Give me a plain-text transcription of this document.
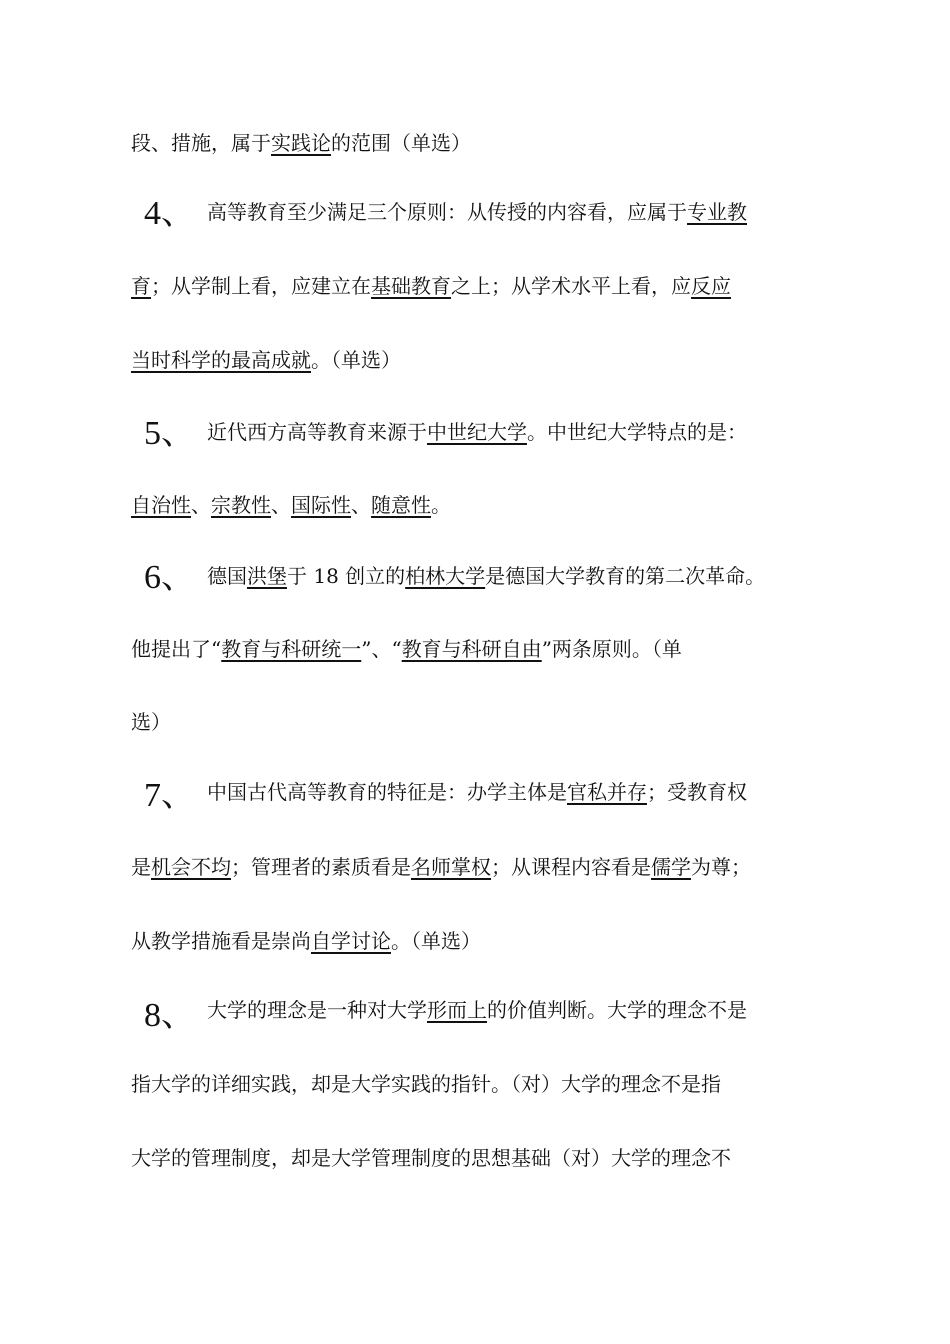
段、措施，属于实践论的范围（单选）
4、 高等教育至少满足三个原则：从传授的内容看，应属于专业教
育；从学制上看，应建立在基础教育之上；从学术水平上看，应反应
当时科学的最高成就。（单选）
5、 近代西方高等教育来源于中世纪大学。中世纪大学特点的是：
自治性、宗教性、国际性、随意性。
6、 德国洪堡于 18 创立的柏林大学是德国大学教育的第二次革命。
他提出了“教育与科研统一”、“教育与科研自由”两条原则。（单
选）
7、 中国古代高等教育的特征是：办学主体是官私并存；受教育权
是机会不均；管理者的素质看是名师掌权；从课程内容看是儒学为尊；
从教学措施看是崇尚自学讨论。（单选）
8、 大学的理念是一种对大学形而上的价值判断。大学的理念不是
指大学的详细实践，却是大学实践的指针。（对）大学的理念不是指
大学的管理制度，却是大学管理制度的思想基础（对）大学的理念不
